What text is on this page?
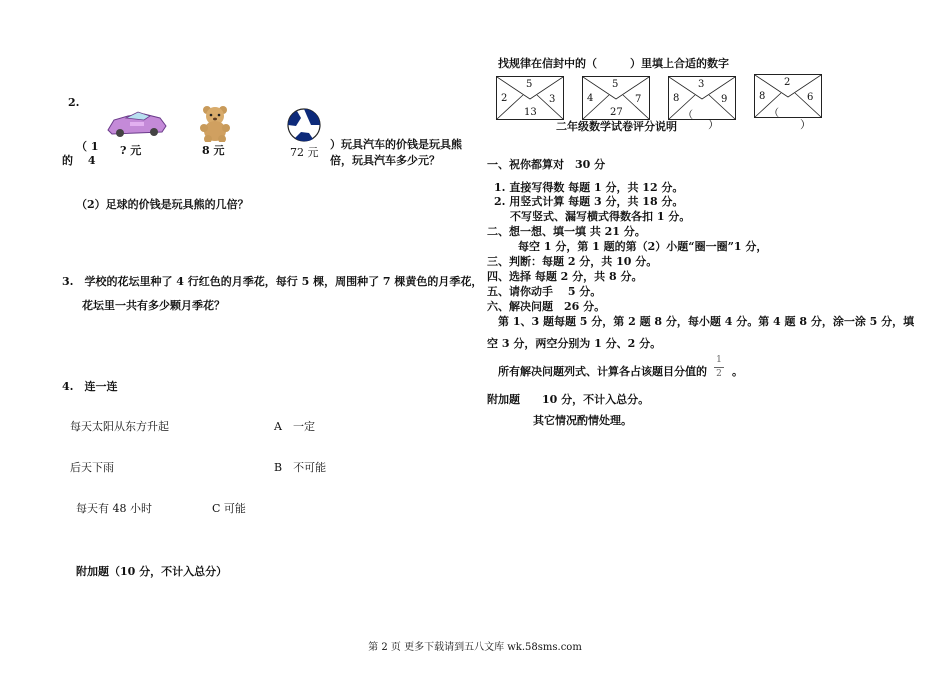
2.
（ 1
的　 4
? 元	8 元	72 元
）玩具汽车的价钱是玩具熊
倍，玩具汽车多少元？
（2）足球的价钱是玩具熊的几倍？
3.　学校的花坛里种了 4 行红色的月季花，每行 5 棵，周围种了 7 棵黄色的月季花，
花坛里一共有多少颗月季花？
4.　连一连
每天太阳从东方升起	A　一定
后天下雨	B　不可能
每天有 48 小时	C 可能
附加题（10 分，不计入总分）
找规律在信封中的（　　　）里填上合适的数字
5
2	3
13
5
4	7
27
3
8	9
（
2
8	6
（
二年级数学试卷评分说明	）	）
一、祝你都算对　30 分
1. 直接写得数 每题 1 分，共 12 分。
2. 用竖式计算 每题 3 分，共 18 分。
不写竖式、漏写横式得数各扣 1 分。
二、想一想、填一填 共 21 分。
每空 1 分，第 1 题的第（2）小题“圈一圈”1 分，
三、判断：每题 2 分，共 10 分。
四、选择 每题 2 分，共 8 分。
五、请你动手　 5 分。
六、解决问题　26 分。
第 1、3 题每题 5 分，第 2 题 8 分，每小题 4 分。第 4 题 8 分，涂一涂 5 分，填
空 3 分，两空分别为 1 分、2 分。
所有解决问题列式、计算各占该题目分值的
1
2 。
附加题　　10 分，不计入总分。
其它情况酌情处理。
第 2 页 更多下载请到五八文库 wk.58sms.com
